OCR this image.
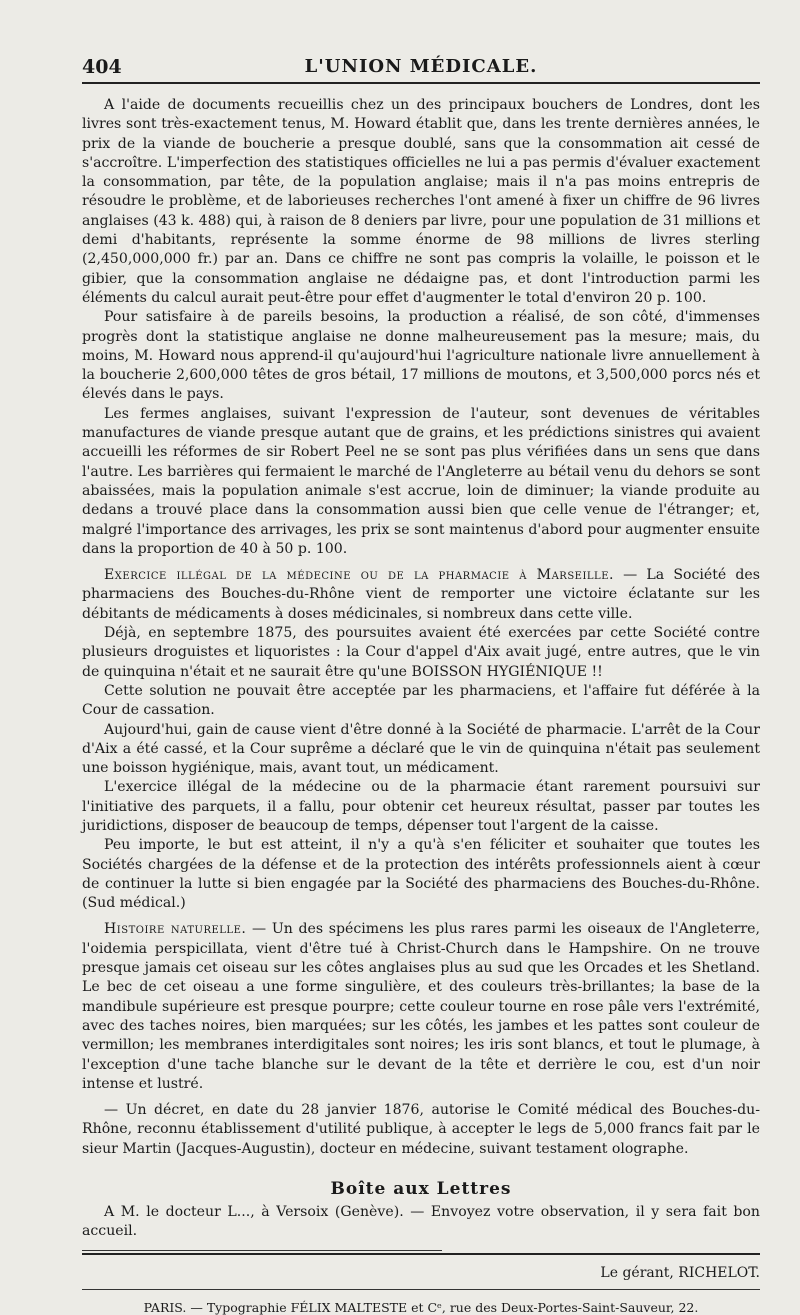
404	L'UNION MÉDICALE.

A l'aide de documents recueillis chez un des principaux bouchers de Londres, dont les livres sont très-exactement tenus, M. Howard établit que, dans les trente dernières années, le prix de la viande de boucherie a presque doublé, sans que la consommation ait cessé de s'accroître. L'imperfection des statistiques officielles ne lui a pas permis d'évaluer exactement la consommation, par tête, de la population anglaise; mais il n'a pas moins entrepris de résoudre le problème, et de laborieuses recherches l'ont amené à fixer un chiffre de 96 livres anglaises (43 k. 488) qui, à raison de 8 deniers par livre, pour une population de 31 millions et demi d'habitants, représente la somme énorme de 98 millions de livres sterling (2,450,000,000 fr.) par an. Dans ce chiffre ne sont pas compris la volaille, le poisson et le gibier, que la consommation anglaise ne dédaigne pas, et dont l'introduction parmi les éléments du calcul aurait peut-être pour effet d'augmenter le total d'environ 20 p. 100.

Pour satisfaire à de pareils besoins, la production a réalisé, de son côté, d'immenses progrès dont la statistique anglaise ne donne malheureusement pas la mesure; mais, du moins, M. Howard nous apprend-il qu'aujourd'hui l'agriculture nationale livre annuellement à la boucherie 2,600,000 têtes de gros bétail, 17 millions de moutons, et 3,500,000 porcs nés et élevés dans le pays.

Les fermes anglaises, suivant l'expression de l'auteur, sont devenues de véritables manufactures de viande presque autant que de grains, et les prédictions sinistres qui avaient accueilli les réformes de sir Robert Peel ne se sont pas plus vérifiées dans un sens que dans l'autre. Les barrières qui fermaient le marché de l'Angleterre au bétail venu du dehors se sont abaissées, mais la population animale s'est accrue, loin de diminuer; la viande produite au dedans a trouvé place dans la consommation aussi bien que celle venue de l'étranger; et, malgré l'importance des arrivages, les prix se sont maintenus d'abord pour augmenter ensuite dans la proportion de 40 à 50 p. 100.

Exercice illégal de la médecine ou de la pharmacie à Marseille. — La Société des pharmaciens des Bouches-du-Rhône vient de remporter une victoire éclatante sur les débitants de médicaments à doses médicinales, si nombreux dans cette ville.

Déjà, en septembre 1875, des poursuites avaient été exercées par cette Société contre plusieurs droguistes et liquoristes : la Cour d'appel d'Aix avait jugé, entre autres, que le vin de quinquina n'était et ne saurait être qu'une BOISSON HYGIÉNIQUE !!

Cette solution ne pouvait être acceptée par les pharmaciens, et l'affaire fut déférée à la Cour de cassation.

Aujourd'hui, gain de cause vient d'être donné à la Société de pharmacie. L'arrêt de la Cour d'Aix a été cassé, et la Cour suprême a déclaré que le vin de quinquina n'était pas seulement une boisson hygiénique, mais, avant tout, un médicament.

L'exercice illégal de la médecine ou de la pharmacie étant rarement poursuivi sur l'initiative des parquets, il a fallu, pour obtenir cet heureux résultat, passer par toutes les juridictions, disposer de beaucoup de temps, dépenser tout l'argent de la caisse.

Peu importe, le but est atteint, il n'y a qu'à s'en féliciter et souhaiter que toutes les Sociétés chargées de la défense et de la protection des intérêts professionnels aient à cœur de continuer la lutte si bien engagée par la Société des pharmaciens des Bouches-du-Rhône. (Sud médical.)

Histoire naturelle. — Un des spécimens les plus rares parmi les oiseaux de l'Angleterre, l'oidemia perspicillata, vient d'être tué à Christ-Church dans le Hampshire. On ne trouve presque jamais cet oiseau sur les côtes anglaises plus au sud que les Orcades et les Shetland. Le bec de cet oiseau a une forme singulière, et des couleurs très-brillantes; la base de la mandibule supérieure est presque pourpre; cette couleur tourne en rose pâle vers l'extrémité, avec des taches noires, bien marquées; sur les côtés, les jambes et les pattes sont couleur de vermillon; les membranes interdigitales sont noires; les iris sont blancs, et tout le plumage, à l'exception d'une tache blanche sur le devant de la tête et derrière le cou, est d'un noir intense et lustré.

— Un décret, en date du 28 janvier 1876, autorise le Comité médical des Bouches-du-Rhône, reconnu établissement d'utilité publique, à accepter le legs de 5,000 francs fait par le sieur Martin (Jacques-Augustin), docteur en médecine, suivant testament olographe.

Boîte aux Lettres

A M. le docteur L..., à Versoix (Genève). — Envoyez votre observation, il y sera fait bon accueil.

Le gérant, RICHELOT.
PARIS. — Typographie FÉLIX MALTESTE et Cᵉ, rue des Deux-Portes-Saint-Sauveur, 22.
